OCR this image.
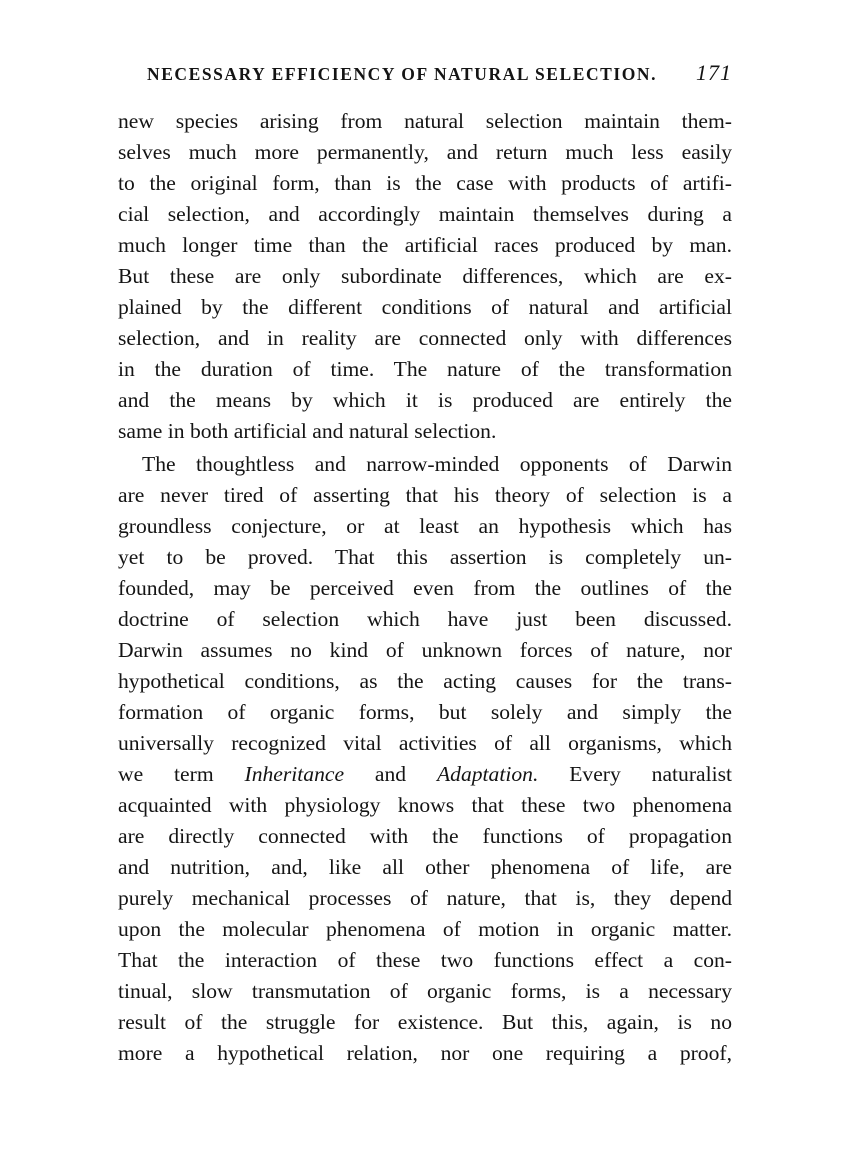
NECESSARY EFFICIENCY OF NATURAL SELECTION. 171
new species arising from natural selection maintain them-
selves much more permanently, and return much less easily
to the original form, than is the case with products of artifi-
cial selection, and accordingly maintain themselves during a
much longer time than the artificial races produced by man.
But these are only subordinate differences, which are ex-
plained by the different conditions of natural and artificial
selection, and in reality are connected only with differences
in the duration of time. The nature of the transformation
and the means by which it is produced are entirely the
same in both artificial and natural selection.
The thoughtless and narrow-minded opponents of Darwin
are never tired of asserting that his theory of selection is a
groundless conjecture, or at least an hypothesis which has
yet to be proved. That this assertion is completely un-
founded, may be perceived even from the outlines of the
doctrine of selection which have just been discussed.
Darwin assumes no kind of unknown forces of nature, nor
hypothetical conditions, as the acting causes for the trans-
formation of organic forms, but solely and simply the
universally recognized vital activities of all organisms, which
we term Inheritance and Adaptation. Every naturalist
acquainted with physiology knows that these two phenomena
are directly connected with the functions of propagation
and nutrition, and, like all other phenomena of life, are
purely mechanical processes of nature, that is, they depend
upon the molecular phenomena of motion in organic matter.
That the interaction of these two functions effect a con-
tinual, slow transmutation of organic forms, is a necessary
result of the struggle for existence. But this, again, is no
more a hypothetical relation, nor one requiring a proof,
